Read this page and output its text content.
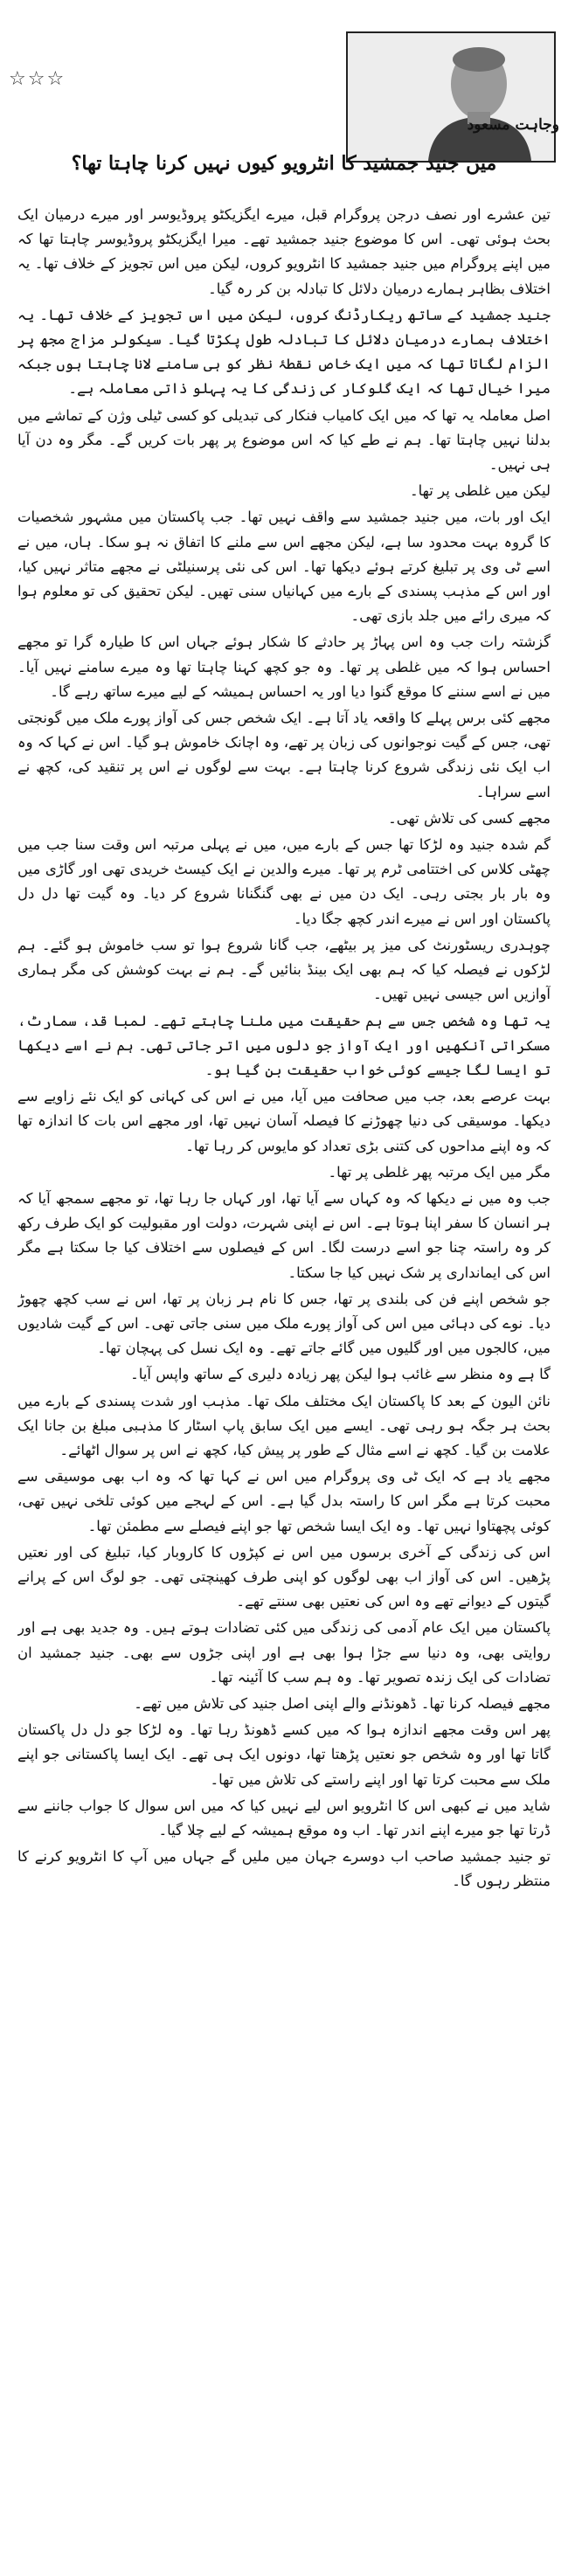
☆☆☆
وجاہت مسعود
میں جنید جمشید کا انٹرویو کیوں نہیں کرنا چاہتا تھا؟

تین عشرے اور نصف درجن پروگرام قبل، میرے ایگزیکٹو پروڈیوسر اور میرے درمیان ایک بحث ہوئی تھی۔ اس کا موضوع جنید جمشید تھے۔ میرا ایگزیکٹو پروڈیوسر چاہتا تھا کہ میں اپنے پروگرام میں جنید جمشید کا انٹرویو کروں، لیکن میں اس تجویز کے خلاف تھا۔ یہ اختلاف بظاہر ہمارے درمیان دلائل کا تبادلہ بن کر رہ گیا۔

جنید جمشید کے ساتھ ریکارڈنگ کروں، لیکن میں اس تجویز کے خلاف تھا۔ یہ اختلاف ہمارے درمیان دلائل کا تبادلہ طول پکڑتا گیا۔ سیکولر مزاج مجھ پر الزام لگاتا تھا کہ میں ایک خاص نقطۂ نظر کو ہی سامنے لانا چاہتا ہوں جبکہ میرا خیال تھا کہ ایک گلوکار کی زندگی کا یہ پہلو ذاتی معاملہ ہے۔

اصل معاملہ یہ تھا کہ میں ایک کامیاب فنکار کی تبدیلی کو کسی ٹیلی وژن کے تماشے میں بدلنا نہیں چاہتا تھا۔ ہم نے طے کیا کہ اس موضوع پر پھر بات کریں گے۔ مگر وہ دن آیا ہی نہیں۔

لیکن میں غلطی پر تھا۔

ایک اور بات، میں جنید جمشید سے واقف نہیں تھا۔ جب پاکستان میں مشہور شخصیات کا گروہ بہت محدود سا ہے، لیکن مجھے اس سے ملنے کا اتفاق نہ ہو سکا۔ ہاں، میں نے اسے ٹی وی پر تبلیغ کرتے ہوئے دیکھا تھا۔ اس کی نئی پرسنیلٹی نے مجھے متاثر نہیں کیا، اور اس کے مذہب پسندی کے بارے میں کہانیاں سنی تھیں۔ لیکن تحقیق کی تو معلوم ہوا کہ میری رائے میں جلد بازی تھی۔

گزشتہ رات جب وہ اس پہاڑ پر حادثے کا شکار ہوئے جہاں اس کا طیارہ گرا تو مجھے احساس ہوا کہ میں غلطی پر تھا۔ وہ جو کچھ کہنا چاہتا تھا وہ میرے سامنے نہیں آیا۔ میں نے اسے سننے کا موقع گنوا دیا اور یہ احساس ہمیشہ کے لیے میرے ساتھ رہے گا۔

مجھے کئی برس پہلے کا واقعہ یاد آتا ہے۔ ایک شخص جس کی آواز پورے ملک میں گونجتی تھی، جس کے گیت نوجوانوں کی زبان پر تھے، وہ اچانک خاموش ہو گیا۔ اس نے کہا کہ وہ اب ایک نئی زندگی شروع کرنا چاہتا ہے۔ بہت سے لوگوں نے اس پر تنقید کی، کچھ نے اسے سراہا۔

مجھے کسی کی تلاش تھی۔

گم شدہ جنید وہ لڑکا تھا جس کے بارے میں، میں نے پہلی مرتبہ اس وقت سنا جب میں چھٹی کلاس کی اختتامی ٹرم پر تھا۔ میرے والدین نے ایک کیسٹ خریدی تھی اور گاڑی میں وہ بار بار بجتی رہی۔ ایک دن میں نے بھی گنگنانا شروع کر دیا۔ وہ گیت تھا دل دل پاکستان اور اس نے میرے اندر کچھ جگا دیا۔

چوہدری ریسٹورنٹ کی میز پر بیٹھے، جب گانا شروع ہوا تو سب خاموش ہو گئے۔ ہم لڑکوں نے فیصلہ کیا کہ ہم بھی ایک بینڈ بنائیں گے۔ ہم نے بہت کوشش کی مگر ہماری آوازیں اس جیسی نہیں تھیں۔

یہ تھا وہ شخص جس سے ہم حقیقت میں ملنا چاہتے تھے۔ لمبا قد، سمارٹ، مسکراتی آنکھیں اور ایک آواز جو دلوں میں اتر جاتی تھی۔ ہم نے اسے دیکھا تو ایسا لگا جیسے کوئی خواب حقیقت بن گیا ہو۔

بہت عرصے بعد، جب میں صحافت میں آیا، میں نے اس کی کہانی کو ایک نئے زاویے سے دیکھا۔ موسیقی کی دنیا چھوڑنے کا فیصلہ آسان نہیں تھا، اور مجھے اس بات کا اندازہ تھا کہ وہ اپنے مداحوں کی کتنی بڑی تعداد کو مایوس کر رہا تھا۔

مگر میں ایک مرتبہ پھر غلطی پر تھا۔

جب وہ میں نے دیکھا کہ وہ کہاں سے آیا تھا، اور کہاں جا رہا تھا، تو مجھے سمجھ آیا کہ ہر انسان کا سفر اپنا ہوتا ہے۔ اس نے اپنی شہرت، دولت اور مقبولیت کو ایک طرف رکھ کر وہ راستہ چنا جو اسے درست لگا۔ اس کے فیصلوں سے اختلاف کیا جا سکتا ہے مگر اس کی ایمانداری پر شک نہیں کیا جا سکتا۔

جو شخص اپنے فن کی بلندی پر تھا، جس کا نام ہر زبان پر تھا، اس نے سب کچھ چھوڑ دیا۔ نوے کی دہائی میں اس کی آواز پورے ملک میں سنی جاتی تھی۔ اس کے گیت شادیوں میں، کالجوں میں اور گلیوں میں گائے جاتے تھے۔ وہ ایک نسل کی پہچان تھا۔

گا ہے وہ منظر سے غائب ہوا لیکن پھر زیادہ دلیری کے ساتھ واپس آیا۔

نائن الیون کے بعد کا پاکستان ایک مختلف ملک تھا۔ مذہب اور شدت پسندی کے بارے میں بحث ہر جگہ ہو رہی تھی۔ ایسے میں ایک سابق پاپ اسٹار کا مذہبی مبلغ بن جانا ایک علامت بن گیا۔ کچھ نے اسے مثال کے طور پر پیش کیا، کچھ نے اس پر سوال اٹھائے۔

مجھے یاد ہے کہ ایک ٹی وی پروگرام میں اس نے کہا تھا کہ وہ اب بھی موسیقی سے محبت کرتا ہے مگر اس کا راستہ بدل گیا ہے۔ اس کے لہجے میں کوئی تلخی نہیں تھی، کوئی پچھتاوا نہیں تھا۔ وہ ایک ایسا شخص تھا جو اپنے فیصلے سے مطمئن تھا۔

اس کی زندگی کے آخری برسوں میں اس نے کپڑوں کا کاروبار کیا، تبلیغ کی اور نعتیں پڑھیں۔ اس کی آواز اب بھی لوگوں کو اپنی طرف کھینچتی تھی۔ جو لوگ اس کے پرانے گیتوں کے دیوانے تھے وہ اس کی نعتیں بھی سنتے تھے۔

پاکستان میں ایک عام آدمی کی زندگی میں کئی تضادات ہوتے ہیں۔ وہ جدید بھی ہے اور روایتی بھی، وہ دنیا سے جڑا ہوا بھی ہے اور اپنی جڑوں سے بھی۔ جنید جمشید ان تضادات کی ایک زندہ تصویر تھا۔ وہ ہم سب کا آئینہ تھا۔

مجھے فیصلہ کرنا تھا۔ ڈھونڈنے والے اپنی اصل جنید کی تلاش میں تھے۔

پھر اس وقت مجھے اندازہ ہوا کہ میں کسے ڈھونڈ رہا تھا۔ وہ لڑکا جو دل دل پاکستان گاتا تھا اور وہ شخص جو نعتیں پڑھتا تھا، دونوں ایک ہی تھے۔ ایک ایسا پاکستانی جو اپنے ملک سے محبت کرتا تھا اور اپنے راستے کی تلاش میں تھا۔

شاید میں نے کبھی اس کا انٹرویو اس لیے نہیں کیا کہ میں اس سوال کا جواب جاننے سے ڈرتا تھا جو میرے اپنے اندر تھا۔ اب وہ موقع ہمیشہ کے لیے چلا گیا۔

تو جنید جمشید صاحب اب دوسرے جہان میں ملیں گے جہاں میں آپ کا انٹرویو کرنے کا منتظر رہوں گا۔
